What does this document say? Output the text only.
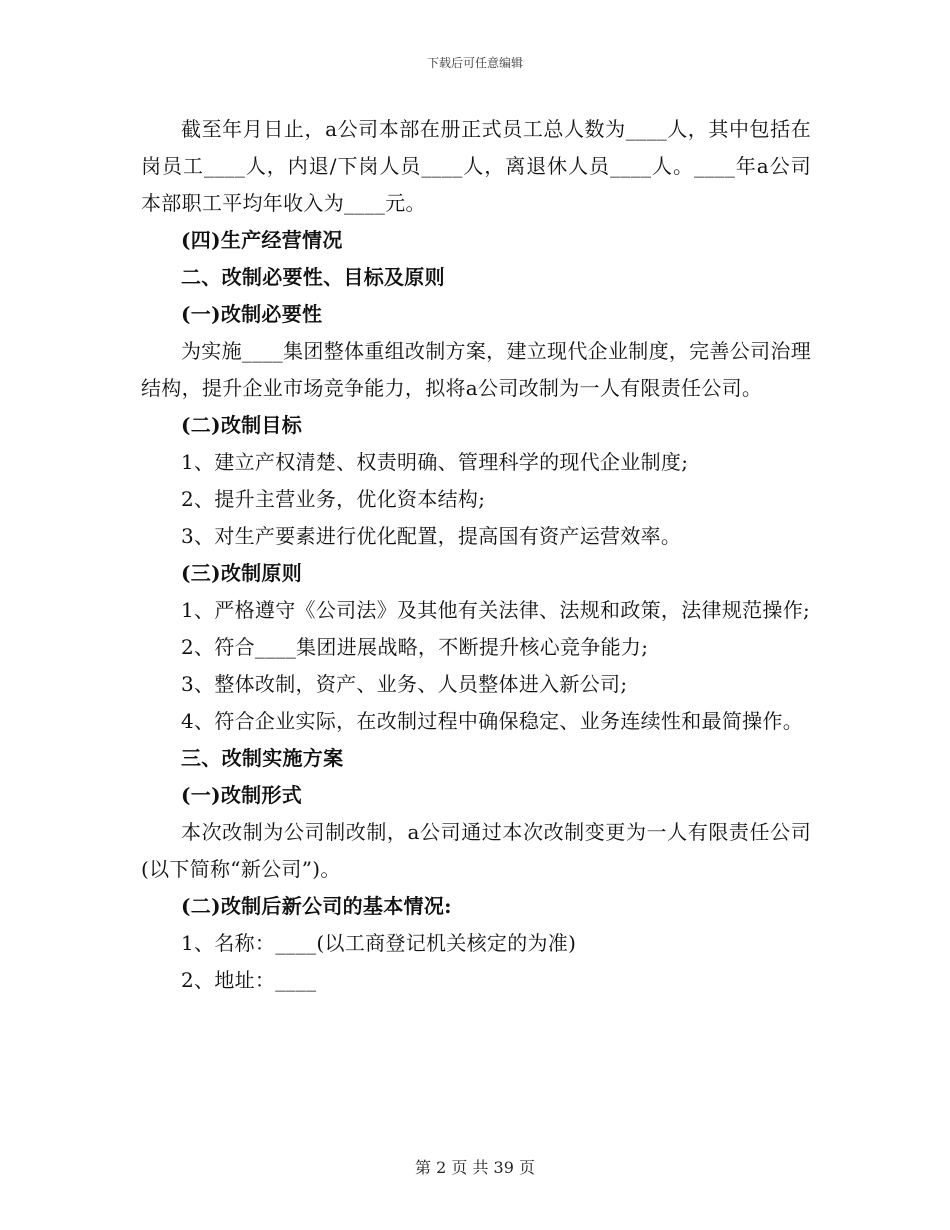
下载后可任意编辑

截至年月日止，a公司本部在册正式员工总人数为____人，其中包括在岗员工____人，内退/下岗人员____人，离退休人员____人。____年a公司本部职工平均年收入为____元。

(四)生产经营情况

二、改制必要性、目标及原则

(一)改制必要性

为实施____集团整体重组改制方案，建立现代企业制度，完善公司治理结构，提升企业市场竞争能力，拟将a公司改制为一人有限责任公司。

(二)改制目标

1、建立产权清楚、权责明确、管理科学的现代企业制度;

2、提升主营业务，优化资本结构;

3、对生产要素进行优化配置，提高国有资产运营效率。

(三)改制原则

1、严格遵守《公司法》及其他有关法律、法规和政策，法律规范操作;

2、符合____集团进展战略，不断提升核心竞争能力;

3、整体改制，资产、业务、人员整体进入新公司;

4、符合企业实际，在改制过程中确保稳定、业务连续性和最简操作。

三、改制实施方案

(一)改制形式

本次改制为公司制改制，a公司通过本次改制变更为一人有限责任公司(以下简称“新公司”)。

(二)改制后新公司的基本情况:

1、名称：____(以工商登记机关核定的为准)

2、地址：____

第 2 页 共 39 页
